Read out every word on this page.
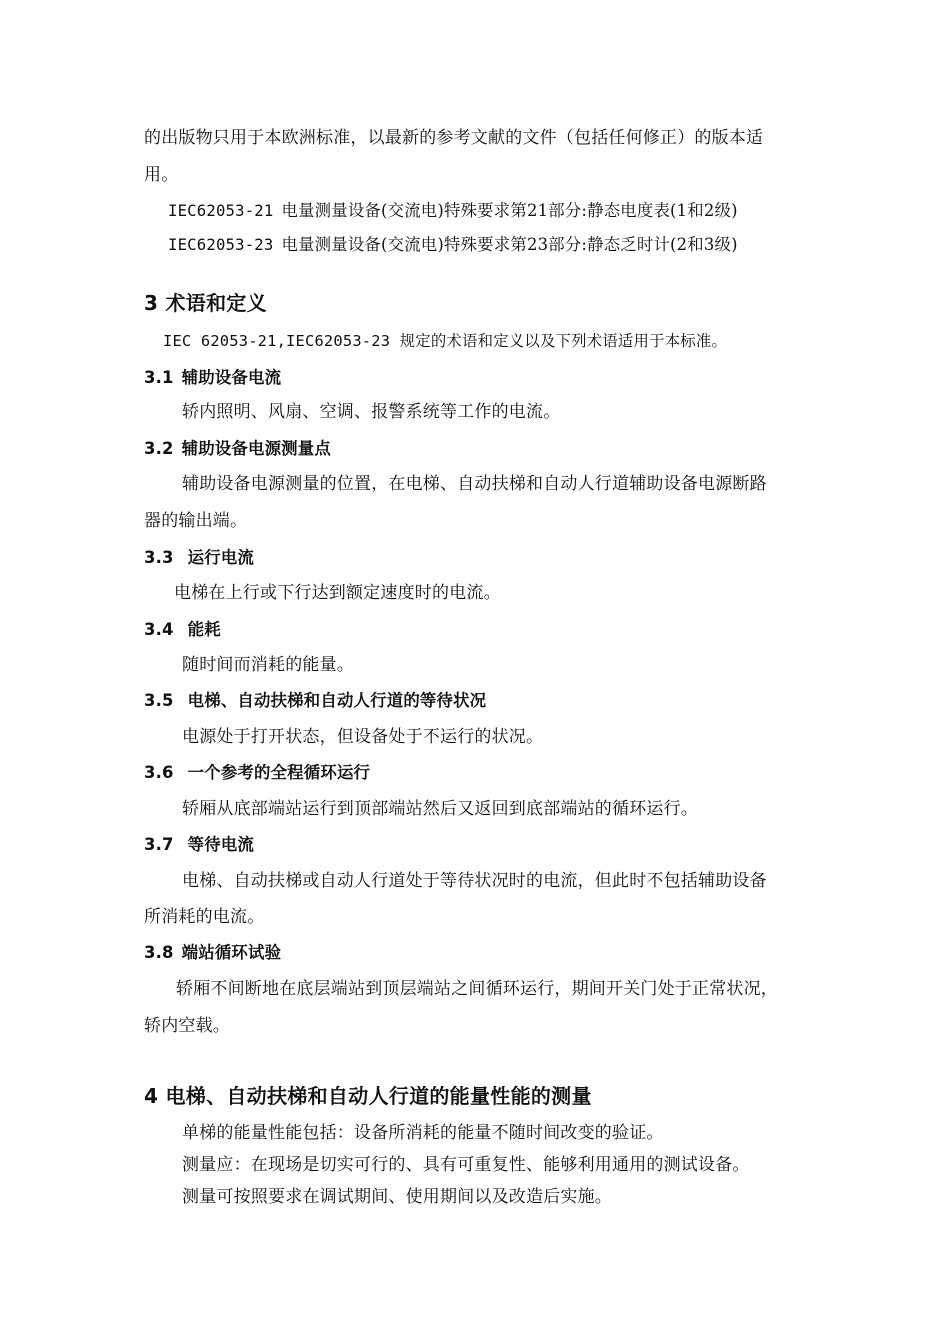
的出版物只用于本欧洲标准，以最新的参考文献的文件（包括任何修正）的版本适
用。
IEC62053-21 电量测量设备(交流电)特殊要求第21部分:静态电度表(1和2级)
IEC62053-23 电量测量设备(交流电)特殊要求第23部分:静态乏时计(2和3级)
3 术语和定义
IEC 62053-21,IEC62053-23 规定的术语和定义以及下列术语适用于本标准。
3.1 辅助设备电流
轿内照明、风扇、空调、报警系统等工作的电流。
3.2 辅助设备电源测量点
辅助设备电源测量的位置，在电梯、自动扶梯和自动人行道辅助设备电源断路
器的输出端。
3.3 运行电流
电梯在上行或下行达到额定速度时的电流。
3.4 能耗
随时间而消耗的能量。
3.5 电梯、自动扶梯和自动人行道的等待状况
电源处于打开状态，但设备处于不运行的状况。
3.6 一个参考的全程循环运行
轿厢从底部端站运行到顶部端站然后又返回到底部端站的循环运行。
3.7 等待电流
电梯、自动扶梯或自动人行道处于等待状况时的电流，但此时不包括辅助设备
所消耗的电流。
3.8 端站循环试验
轿厢不间断地在底层端站到顶层端站之间循环运行，期间开关门处于正常状况，
轿内空载。
4 电梯、自动扶梯和自动人行道的能量性能的测量
单梯的能量性能包括：设备所消耗的能量不随时间改变的验证。
测量应：在现场是切实可行的、具有可重复性、能够利用通用的测试设备。
测量可按照要求在调试期间、使用期间以及改造后实施。
